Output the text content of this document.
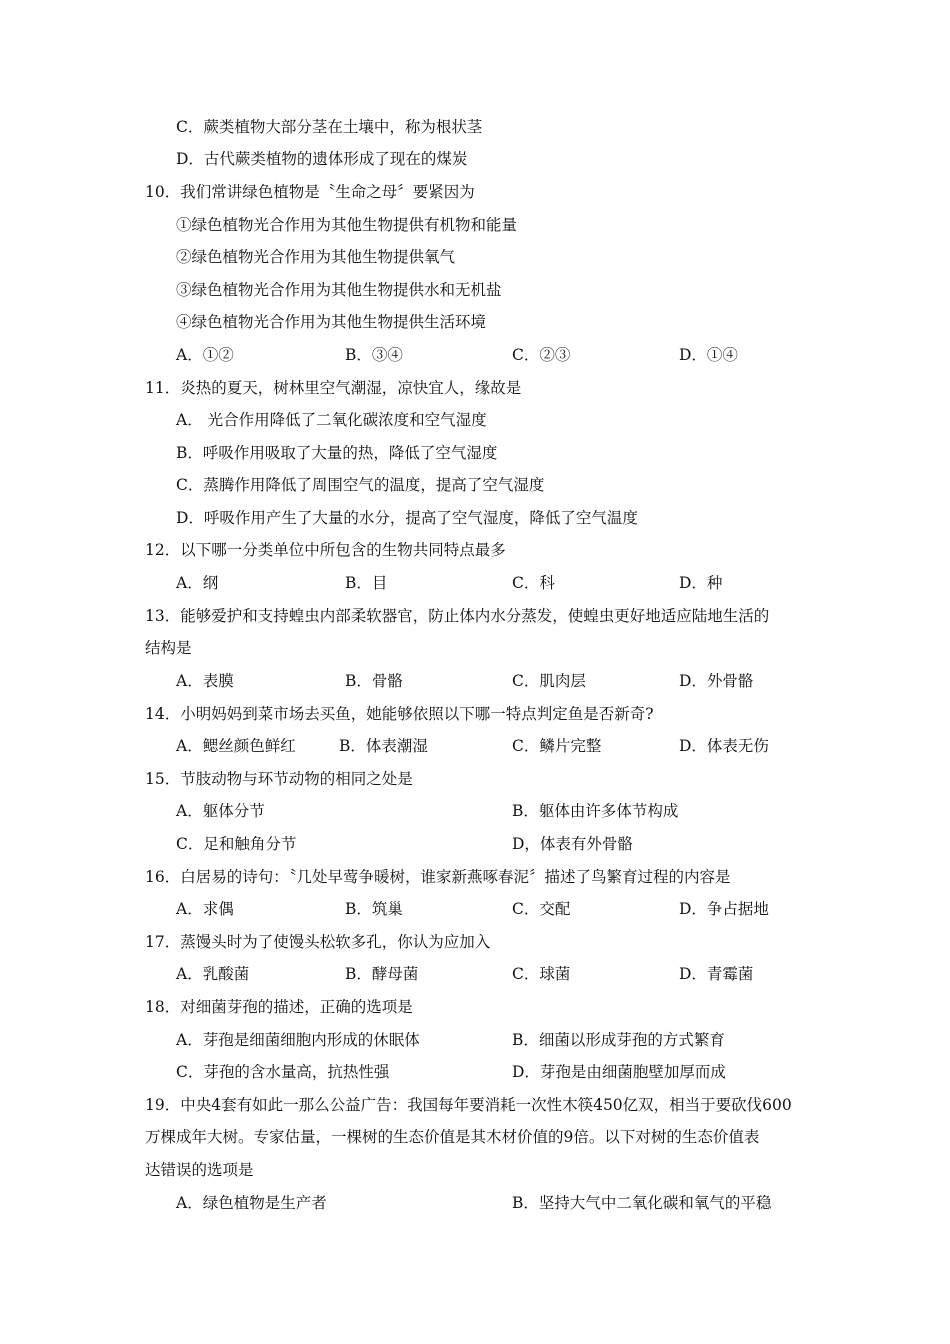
C．蕨类植物大部分茎在土壤中，称为根状茎
D．古代蕨类植物的遗体形成了现在的煤炭
10．我们常讲绿色植物是〝生命之母〞要紧因为
①绿色植物光合作用为其他生物提供有机物和能量
②绿色植物光合作用为其他生物提供氧气
③绿色植物光合作用为其他生物提供水和无机盐
④绿色植物光合作用为其他生物提供生活环境
A．①②	B．③④	C．②③	D．①④
11．炎热的夏天，树林里空气潮湿，凉快宜人，缘故是
A． 光合作用降低了二氧化碳浓度和空气湿度
B．呼吸作用吸取了大量的热，降低了空气湿度
C．蒸腾作用降低了周围空气的温度，提高了空气湿度
D．呼吸作用产生了大量的水分，提高了空气湿度，降低了空气温度
12．以下哪一分类单位中所包含的生物共同特点最多
A．纲	B．目	C．科	D．种
13．能够爱护和支持蝗虫内部柔软器官，防止体内水分蒸发，使蝗虫更好地适应陆地生活的
结构是
A．表膜	B．骨骼	C．肌肉层	D．外骨骼
14．小明妈妈到菜市场去买鱼，她能够依照以下哪一特点判定鱼是否新奇?
A．鳃丝颜色鲜红	B．体表潮湿	C．鳞片完整	D．体表无伤
15．节肢动物与环节动物的相同之处是
A．躯体分节	B．躯体由许多体节构成
C．足和触角分节	D，体表有外骨骼
16．白居易的诗句：〝几处早莺争暖树，谁家新燕啄春泥〞描述了鸟繁育过程的内容是
A．求偶	B．筑巢	C．交配	D．争占据地
17．蒸馒头时为了使馒头松软多孔，你认为应加入
A．乳酸菌	B．酵母菌	C．球菌	D．青霉菌
18．对细菌芽孢的描述，正确的选项是
A．芽孢是细菌细胞内形成的休眠体	B．细菌以形成芽孢的方式繁育
C．芽孢的含水量高，抗热性强	D．芽孢是由细菌胞壁加厚而成
19．中央4套有如此一那么公益广告：我国每年要消耗一次性木筷450亿双，相当于要砍伐600
万棵成年大树。专家估量，一棵树的生态价值是其木材价值的9倍。以下对树的生态价值表
达错误的选项是
A．绿色植物是生产者	B．坚持大气中二氧化碳和氧气的平稳
